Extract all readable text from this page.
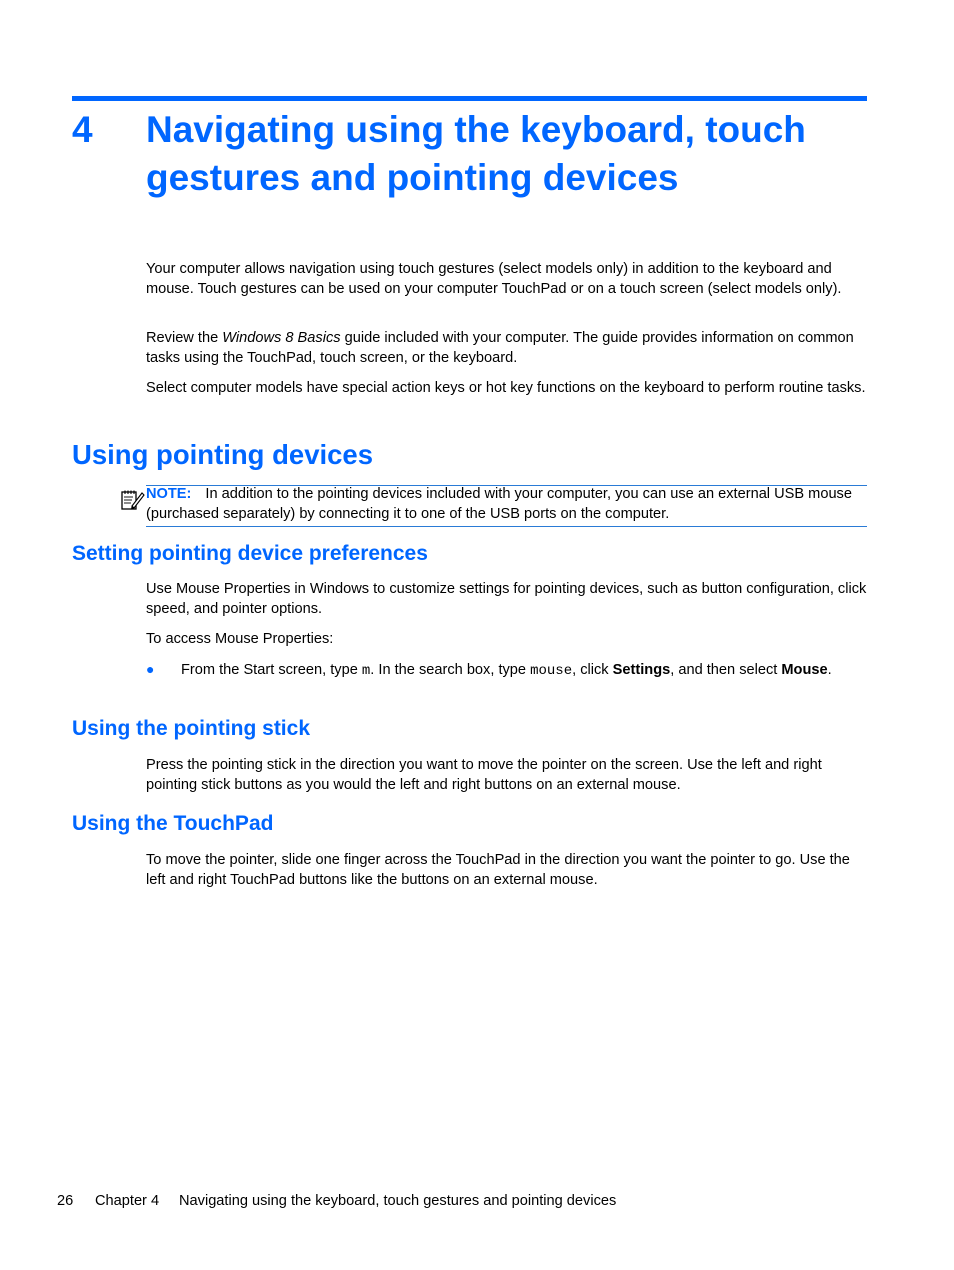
4 Navigating using the keyboard, touch gestures and pointing devices

Your computer allows navigation using touch gestures (select models only) in addition to the keyboard and mouse. Touch gestures can be used on your computer TouchPad or on a touch screen (select models only).

Review the Windows 8 Basics guide included with your computer. The guide provides information on common tasks using the TouchPad, touch screen, or the keyboard.

Select computer models have special action keys or hot key functions on the keyboard to perform routine tasks.

Using pointing devices
NOTE: In addition to the pointing devices included with your computer, you can use an external USB mouse (purchased separately) by connecting it to one of the USB ports on the computer.
Setting pointing device preferences

Use Mouse Properties in Windows to customize settings for pointing devices, such as button configuration, click speed, and pointer options.

To access Mouse Properties:

● From the Start screen, type m. In the search box, type mouse, click Settings, and then select Mouse.
Using the pointing stick

Press the pointing stick in the direction you want to move the pointer on the screen. Use the left and right pointing stick buttons as you would the left and right buttons on an external mouse.

Using the TouchPad

To move the pointer, slide one finger across the TouchPad in the direction you want the pointer to go. Use the left and right TouchPad buttons like the buttons on an external mouse.

26 Chapter 4 Navigating using the keyboard, touch gestures and pointing devices
